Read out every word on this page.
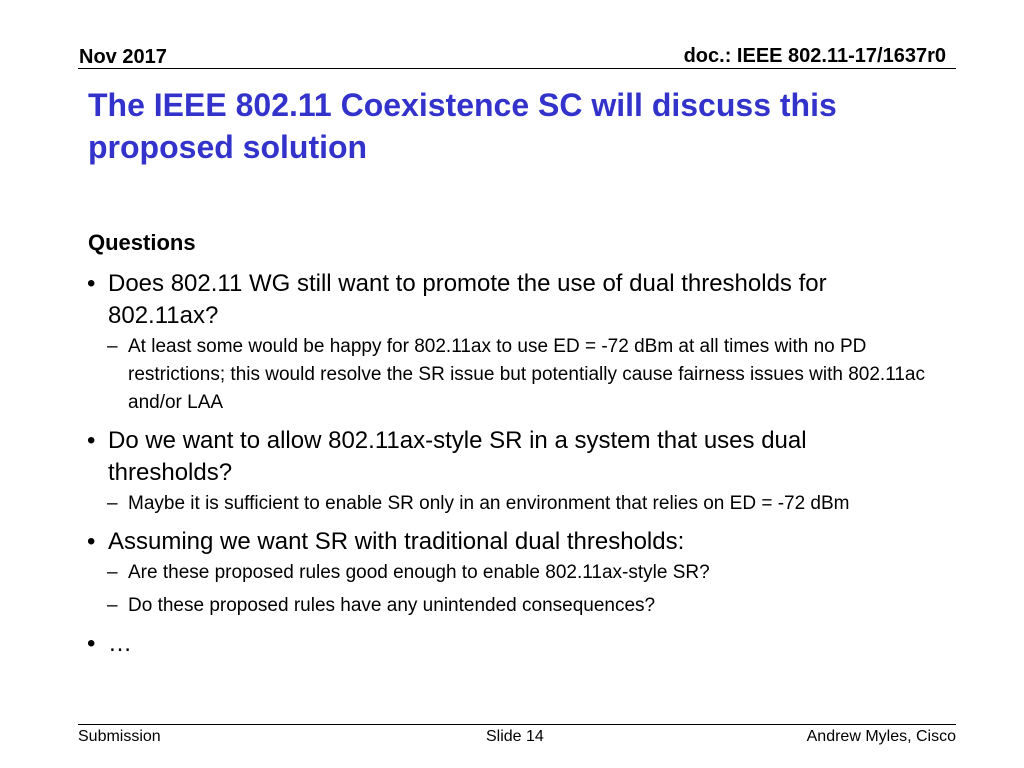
Nov 2017	doc.: IEEE 802.11-17/1637r0
The IEEE 802.11 Coexistence SC will discuss this proposed solution
Questions
• Does 802.11 WG still want to promote the use of dual thresholds for 802.11ax?
– At least some would be happy for 802.11ax to use ED = -72 dBm at all times with no PD restrictions; this would resolve the SR issue but potentially cause fairness issues with 802.11ac and/or LAA
• Do we want to allow 802.11ax-style SR in a system that uses dual thresholds?
– Maybe it is sufficient to enable SR only in an environment that relies on ED = -72 dBm
• Assuming we want SR with traditional dual thresholds:
– Are these proposed rules good enough to enable 802.11ax-style SR?
– Do these proposed rules have any unintended consequences?
• …
Submission	Slide 14	Andrew Myles, Cisco
